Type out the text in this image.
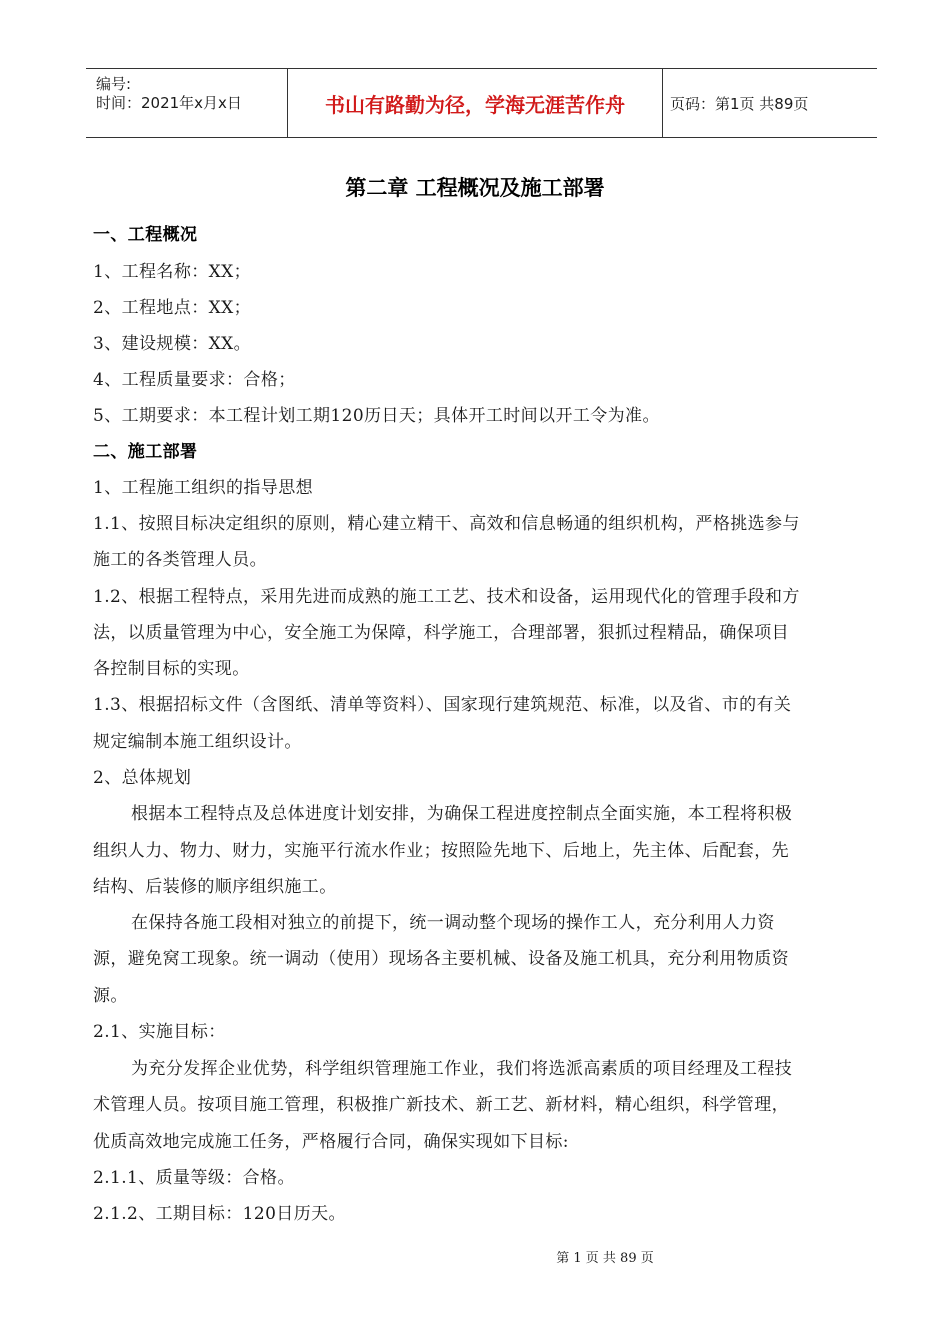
编号:
时间：2021年x月x日	书山有路勤为径，学海无涯苦作舟	页码：第1页 共89页
第二章 工程概况及施工部署
一、工程概况
1、工程名称：XX；
2、工程地点：XX；
3、建设规模：XX。
4、工程质量要求：合格；
5、工期要求：本工程计划工期120历日天；具体开工时间以开工令为准。
二、施工部署
1、工程施工组织的指导思想
1.1、按照目标决定组织的原则，精心建立精干、高效和信息畅通的组织机构，严格挑选参与
施工的各类管理人员。
1.2、根据工程特点，采用先进而成熟的施工工艺、技术和设备，运用现代化的管理手段和方
法，以质量管理为中心，安全施工为保障，科学施工，合理部署，狠抓过程精品，确保项目
各控制目标的实现。
1.3、根据招标文件（含图纸、清单等资料）、国家现行建筑规范、标准，以及省、市的有关
规定编制本施工组织设计。
2、总体规划
根据本工程特点及总体进度计划安排，为确保工程进度控制点全面实施，本工程将积极
组织人力、物力、财力，实施平行流水作业；按照险先地下、后地上，先主体、后配套，先
结构、后装修的顺序组织施工。
在保持各施工段相对独立的前提下，统一调动整个现场的操作工人，充分利用人力资
源，避免窝工现象。统一调动（使用）现场各主要机械、设备及施工机具，充分利用物质资
源。
2.1、实施目标：
为充分发挥企业优势，科学组织管理施工作业，我们将选派高素质的项目经理及工程技
术管理人员。按项目施工管理，积极推广新技术、新工艺、新材料，精心组织，科学管理，
优质高效地完成施工任务，严格履行合同，确保实现如下目标:
2.1.1、质量等级：合格。
2.1.2、工期目标：120日历天。
第 1 页 共 89 页
